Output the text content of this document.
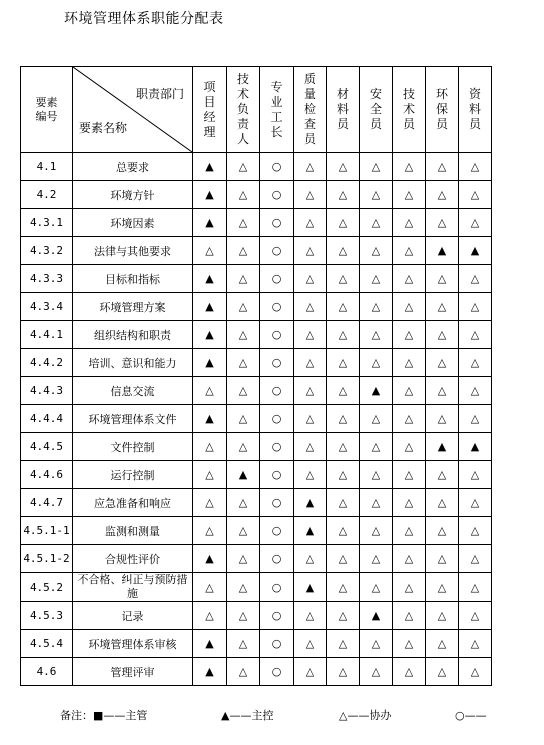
环境管理体系职能分配表
要素
编号	职责部门
要素名称	项目经理	技术负责人	专业工长	质量检查员	材料员	安全员	技术员	环保员	资料员
4.1	总要求	▲	△	○	△	△	△	△	△	△
4.2	环境方针	▲	△	○	△	△	△	△	△	△
4.3.1	环境因素	▲	△	○	△	△	△	△	△	△
4.3.2	法律与其他要求	△	△	○	△	△	△	△	▲	▲
4.3.3	目标和指标	▲	△	○	△	△	△	△	△	△
4.3.4	环境管理方案	▲	△	○	△	△	△	△	△	△
4.4.1	组织结构和职责	▲	△	○	△	△	△	△	△	△
4.4.2	培训、意识和能力	▲	△	○	△	△	△	△	△	△
4.4.3	信息交流	△	△	○	△	△	▲	△	△	△
4.4.4	环境管理体系文件	▲	△	○	△	△	△	△	△	△
4.4.5	文件控制	△	△	○	△	△	△	△	▲	▲
4.4.6	运行控制	△	▲	○	△	△	△	△	△	△
4.4.7	应急准备和响应	△	△	○	▲	△	△	△	△	△
4.5.1-1	监测和测量	△	△	○	▲	△	△	△	△	△
4.5.1-2	合规性评价	▲	△	○	△	△	△	△	△	△
4.5.2	不合格、纠正与预防措施	△	△	○	▲	△	△	△	△	△
4.5.3	记录	△	△	○	△	△	▲	△	△	△
4.5.4	环境管理体系审核	▲	△	○	△	△	△	△	△	△
4.6	管理评审	▲	△	○	△	△	△	△	△	△
备注：■——主管	▲——主控	△——协办	○——
